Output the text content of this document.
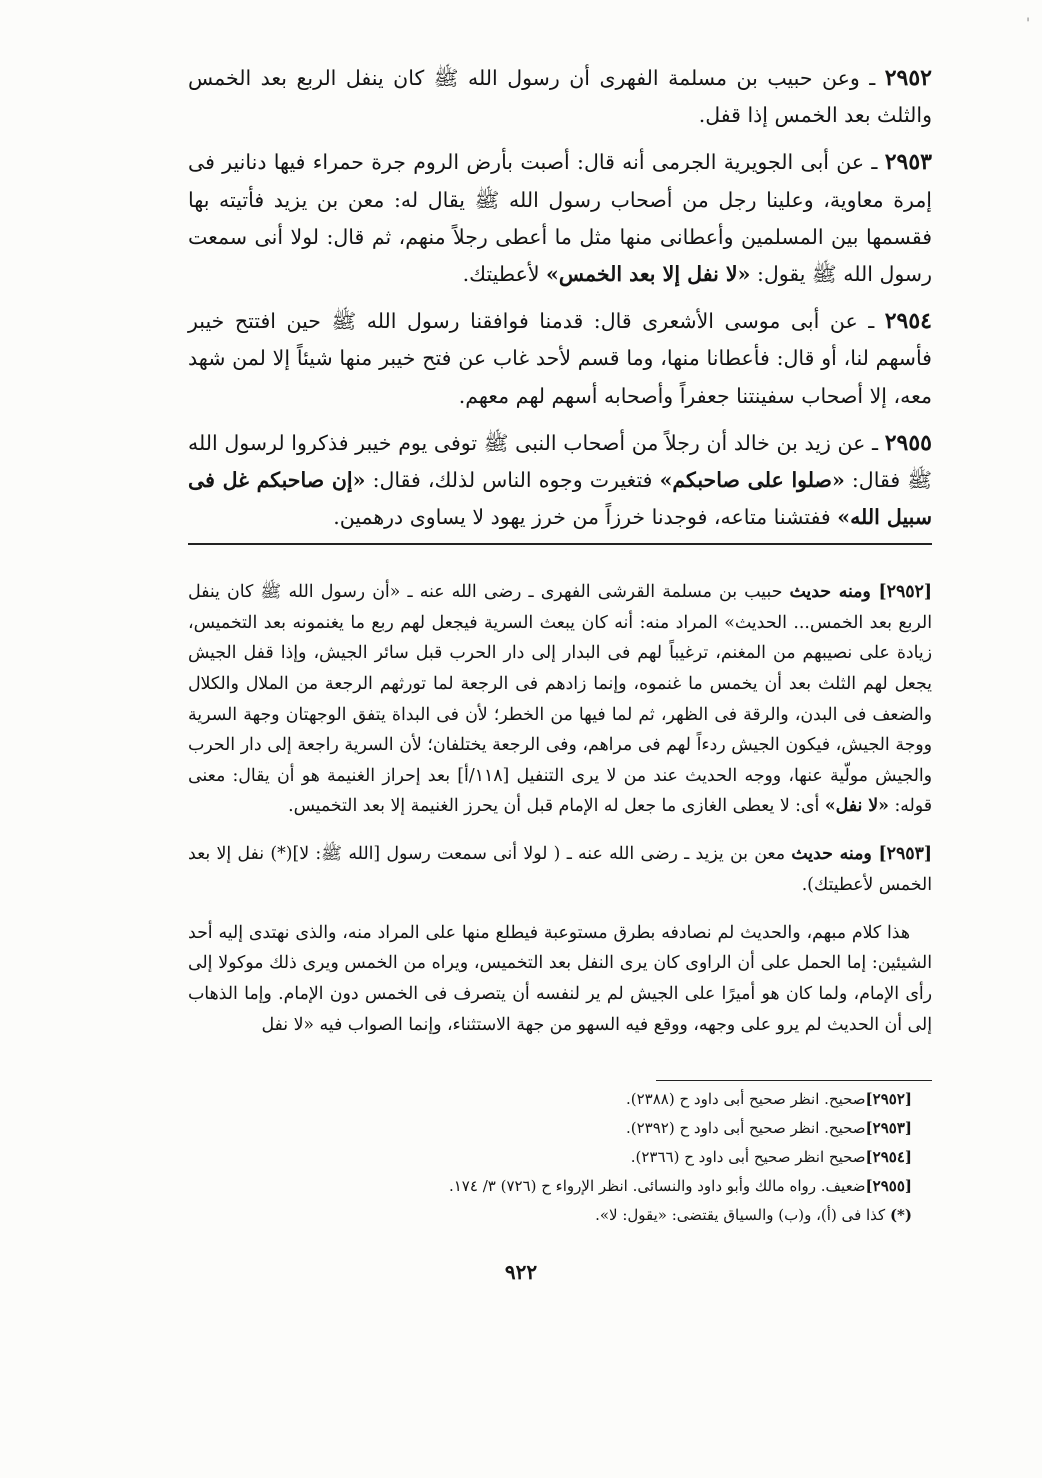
'

٢٩٥٢ ـ وعن حبيب بن مسلمة الفهرى أن رسول الله ﷺ كان ينفل الربع بعد الخمس والثلث بعد الخمس إذا قفل.

٢٩٥٣ ـ عن أبى الجويرية الجرمى أنه قال: أصبت بأرض الروم جرة حمراء فيها دنانير فى إمرة معاوية، وعلينا رجل من أصحاب رسول الله ﷺ يقال له: معن بن يزيد فأتيته بها فقسمها بين المسلمين وأعطانى منها مثل ما أعطى رجلاً منهم، ثم قال: لولا أنى سمعت رسول الله ﷺ يقول: «لا نفل إلا بعد الخمس» لأعطيتك.

٢٩٥٤ ـ عن أبى موسى الأشعرى قال: قدمنا فوافقنا رسول الله ﷺ حين افتتح خيبر فأسهم لنا، أو قال: فأعطانا منها، وما قسم لأحد غاب عن فتح خيبر منها شيئاً إلا لمن شهد معه، إلا أصحاب سفينتنا جعفراً وأصحابه أسهم لهم معهم.

٢٩٥٥ ـ عن زيد بن خالد أن رجلاً من أصحاب النبى ﷺ توفى يوم خيبر فذكروا لرسول الله ﷺ فقال: «صلوا على صاحبكم» فتغيرت وجوه الناس لذلك، فقال: «إن صاحبكم غل فى سبيل الله» ففتشنا متاعه، فوجدنا خرزاً من خرز يهود لا يساوى درهمين.

[٢٩٥٢] ومنه حديث حبيب بن مسلمة القرشى الفهرى ـ رضى الله عنه ـ «أن رسول الله ﷺ كان ينفل الربع بعد الخمس... الحديث» المراد منه: أنه كان يبعث السرية فيجعل لهم ربع ما يغنمونه بعد التخميس، زيادة على نصيبهم من المغنم، ترغيباً لهم فى البدار إلى دار الحرب قبل سائر الجيش، وإذا قفل الجيش يجعل لهم الثلث بعد أن يخمس ما غنموه، وإنما زادهم فى الرجعة لما تورثهم الرجعة من الملال والكلال والضعف فى البدن، والرقة فى الظهر، ثم لما فيها من الخطر؛ لأن فى البداة يتفق الوجهتان وجهة السرية ووجة الجيش، فيكون الجيش ردءاً لهم فى مراهم، وفى الرجعة يختلفان؛ لأن السرية راجعة إلى دار الحرب والجيش مولّية عنها، ووجه الحديث عند من لا يرى التنفيل [١١٨/أ] بعد إحراز الغنيمة هو أن يقال: معنى قوله: «لا نفل» أى: لا يعطى الغازى ما جعل له الإمام قبل أن يحرز الغنيمة إلا بعد التخميس.

[٢٩٥٣] ومنه حديث معن بن يزيد ـ رضى الله عنه ـ ( لولا أنى سمعت رسول [الله ﷺ: لا](*) نفل إلا بعد الخمس لأعطيتك).

هذا كلام مبهم، والحديث لم نصادفه بطرق مستوعبة فيطلع منها على المراد منه، والذى نهتدى إليه أحد الشيئين: إما الحمل على أن الراوى كان يرى النفل بعد التخميس، ويراه من الخمس ويرى ذلك موكولا إلى رأى الإمام، ولما كان هو أميرًا على الجيش لم ير لنفسه أن يتصرف فى الخمس دون الإمام. وإما الذهاب إلى أن الحديث لم يرو على وجهه، ووقع فيه السهو من جهة الاستثناء، وإنما الصواب فيه «لا نفل

[٢٩٥٢]صحيح. انظر صحيح أبى داود ح (٢٣٨٨).

[٢٩٥٣]صحيح. انظر صحيح أبى داود ح (٢٣٩٢).

[٢٩٥٤]صحيح انظر صحيح أبى داود ح (٢٣٦٦).

[٢٩٥٥]ضعيف. رواه مالك وأبو داود والنسائى. انظر الإرواء ح (٧٢٦) ٣/ ١٧٤.

(*) كذا فى (أ)، و(ب) والسياق يقتضى: «يقول: لا».

٩٢٢
